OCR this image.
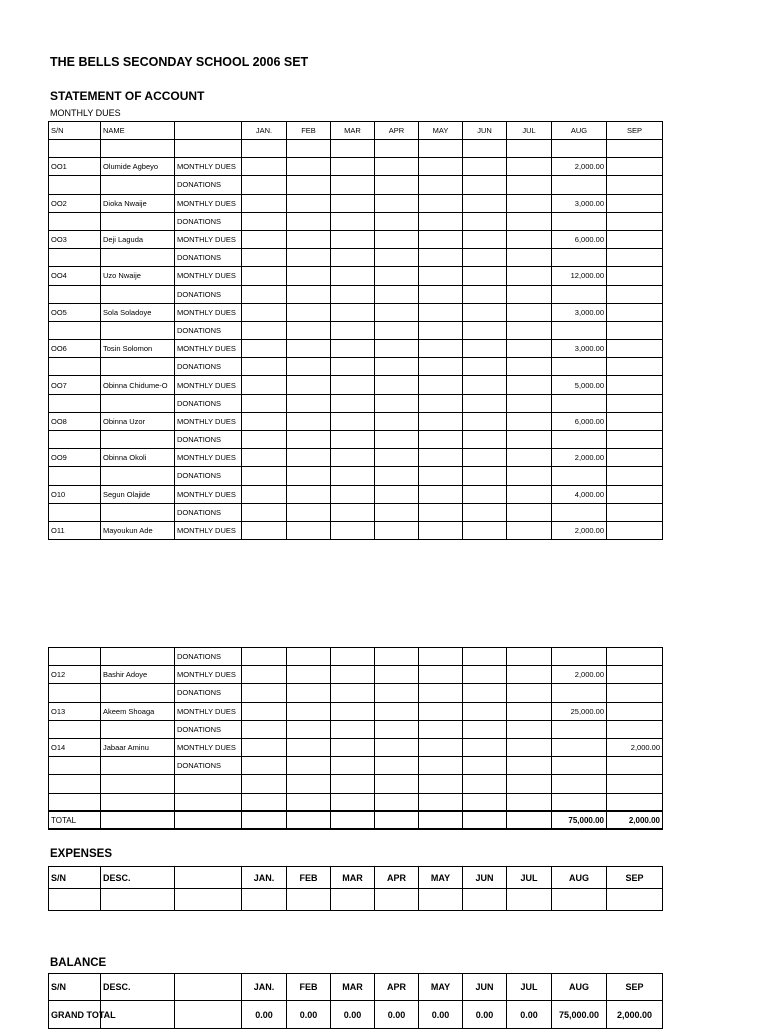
THE BELLS SECONDAY SCHOOL 2006 SET
STATEMENT OF ACCOUNT
MONTHLY DUES
S/N	NAME		JAN.	FEB	MAR	APR	MAY	JUN	JUL	AUG	SEP

OO1	Olumide Agbeyo	MONTHLY DUES								2,000.00	
		DONATIONS									
OO2	Dioka Nwaije	MONTHLY DUES								3,000.00	
		DONATIONS									
OO3	Deji Laguda	MONTHLY DUES								6,000.00	
		DONATIONS									
OO4	Uzo Nwaije	MONTHLY DUES								12,000.00	
		DONATIONS									
OO5	Sola Soladoye	MONTHLY DUES								3,000.00	
		DONATIONS									
OO6	Tosin Solomon	MONTHLY DUES								3,000.00	
		DONATIONS									
OO7	Obinna Chidume-O	MONTHLY DUES								5,000.00	
		DONATIONS									
OO8	Obinna Uzor	MONTHLY DUES								6,000.00	
		DONATIONS									
OO9	Obinna Okoli	MONTHLY DUES								2,000.00	
		DONATIONS									
O10	Segun Olajide	MONTHLY DUES								4,000.00	
		DONATIONS									
O11	Mayoukun Ade	MONTHLY DUES								2,000.00	
		DONATIONS									
O12	Bashir Adoye	MONTHLY DUES								2,000.00	
		DONATIONS									
O13	Akeem Shoaga	MONTHLY DUES								25,000.00	
		DONATIONS									
O14	Jabaar Aminu	MONTHLY DUES									2,000.00
		DONATIONS									

TOTAL										75,000.00	2,000.00
EXPENSES
S/N	DESC.		JAN.	FEB	MAR	APR	MAY	JUN	JUL	AUG	SEP

BALANCE
S/N	DESC.		JAN.	FEB	MAR	APR	MAY	JUN	JUL	AUG	SEP
GRAND TOTAL			0.00	0.00	0.00	0.00	0.00	0.00	0.00	75,000.00	2,000.00
